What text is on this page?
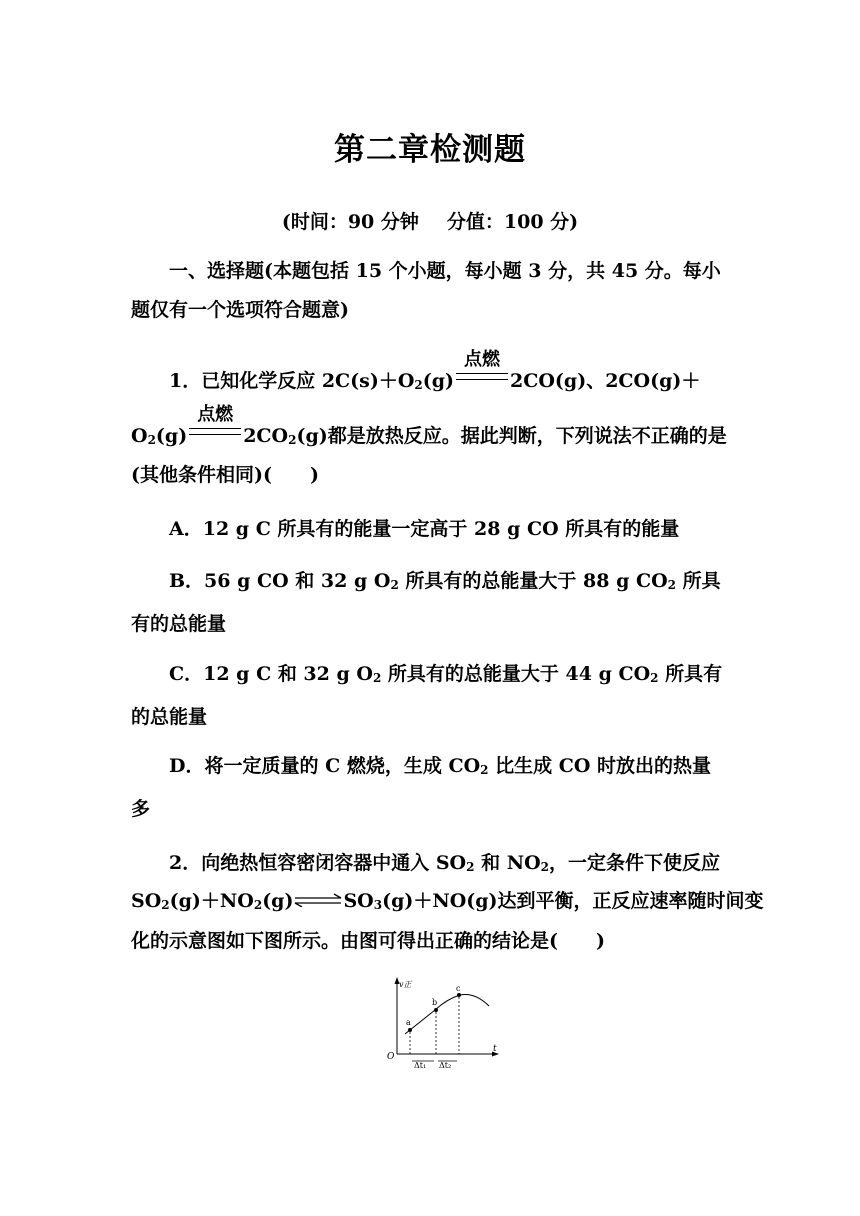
第二章检测题
(时间：90 分钟 分值：100 分)
一、选择题(本题包括 15 个小题，每小题 3 分，共 45 分。每小题仅有一个选项符合题意)
1．已知化学反应 $2C(s)+O_2(g)$
点燃
2CO(g)、2CO(g)＋
$O_2(g)$
点燃
$2CO_2(g)$都是放热反应。据此判断，下列说法不正确的是
(其他条件相同)(　　)
A．12 g C 所具有的能量一定高于 28 g CO 所具有的能量
B．56 g CO 和 32 g $O_2$ 所具有的总能量大于 88 g $CO_2$ 所具有的总能量
C．12 g C 和 32 g $O_2$ 所具有的总能量大于 44 g $CO_2$ 所具有的总能量
D．将一定质量的 C 燃烧，生成 $CO_2$ 比生成 CO 时放出的热量多
2．向绝热恒容密闭容器中通入 $SO_2$ 和 $NO_2$，一定条件下使反应
$SO_2(g)+NO_2(g)\rightleftharpoons SO_3(g)+NO(g)$达到平衡，正反应速率随时间变
化的示意图如下图所示。由图可得出正确的结论是(　　)
v正
t
O
a
b
c
Δt₁ Δt₂
